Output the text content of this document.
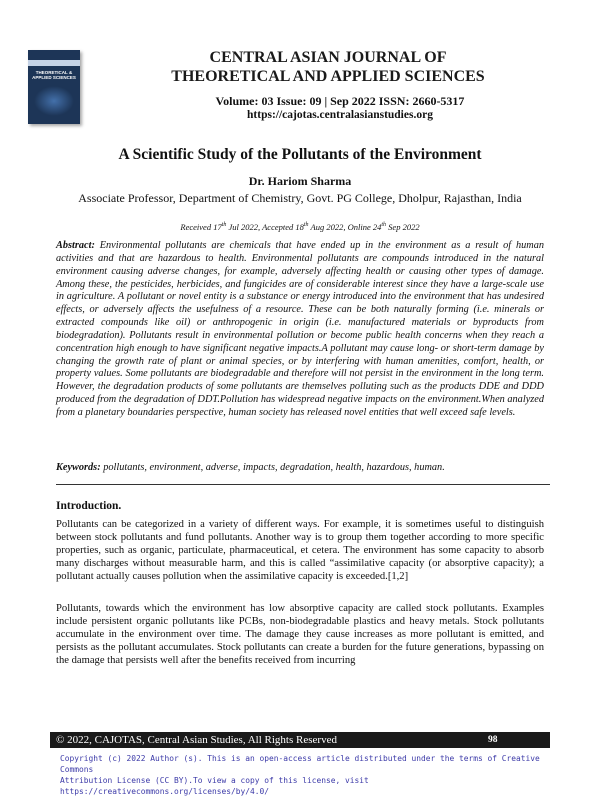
THEORETICAL & APPLIED SCIENCES
CENTRAL ASIAN JOURNAL OF THEORETICAL AND APPLIED SCIENCES
Volume: 03 Issue: 09 | Sep 2022 ISSN: 2660-5317
https://cajotas.centralasianstudies.org
A Scientific Study of the Pollutants of the Environment
Dr. Hariom Sharma
Associate Professor, Department of Chemistry, Govt. PG College, Dholpur, Rajasthan, India
Received 17th Jul 2022, Accepted 18th Aug 2022, Online 24th Sep 2022
Abstract: Environmental pollutants are chemicals that have ended up in the environment as a result of human activities and that are hazardous to health. Environmental pollutants are compounds introduced in the natural environment causing adverse changes, for example, adversely affecting health or causing other types of damage. Among these, the pesticides, herbicides, and fungicides are of considerable interest since they have a large-scale use in agriculture. A pollutant or novel entity is a substance or energy introduced into the environment that has undesired effects, or adversely affects the usefulness of a resource. These can be both naturally forming (i.e. minerals or extracted compounds like oil) or anthropogenic in origin (i.e. manufactured materials or byproducts from biodegradation). Pollutants result in environmental pollution or become public health concerns when they reach a concentration high enough to have significant negative impacts.A pollutant may cause long- or short-term damage by changing the growth rate of plant or animal species, or by interfering with human amenities, comfort, health, or property values. Some pollutants are biodegradable and therefore will not persist in the environment in the long term. However, the degradation products of some pollutants are themselves polluting such as the products DDE and DDD produced from the degradation of DDT.Pollution has widespread negative impacts on the environment.When analyzed from a planetary boundaries perspective, human society has released novel entities that well exceed safe levels.
Keywords: pollutants, environment, adverse, impacts, degradation, health, hazardous, human.
Introduction.
Pollutants can be categorized in a variety of different ways. For example, it is sometimes useful to distinguish between stock pollutants and fund pollutants. Another way is to group them together according to more specific properties, such as organic, particulate, pharmaceutical, et cetera. The environment has some capacity to absorb many discharges without measurable harm, and this is called “assimilative capacity (or absorptive capacity); a pollutant actually causes pollution when the assimilative capacity is exceeded.[1,2]
Pollutants, towards which the environment has low absorptive capacity are called stock pollutants. Examples include persistent organic pollutants like PCBs, non-biodegradable plastics and heavy metals. Stock pollutants accumulate in the environment over time. The damage they cause increases as more pollutant is emitted, and persists as the pollutant accumulates. Stock pollutants can create a burden for the future generations, bypassing on the damage that persists well after the benefits received from incurring
© 2022, CAJOTAS, Central Asian Studies, All Rights Reserved	98
Copyright (c) 2022 Author (s). This is an open-access article distributed under the terms of Creative Commons
Attribution License (CC BY).To view a copy of this license, visit https://creativecommons.org/licenses/by/4.0/
